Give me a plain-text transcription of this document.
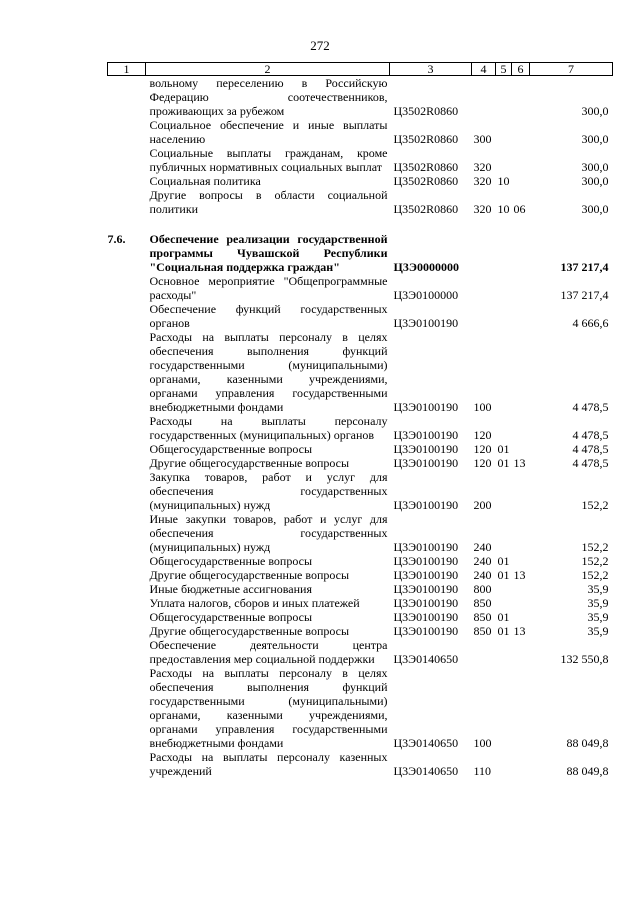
272
1	2	3	4	5	6	7
	вольному переселению в Российскую Федерацию соотечественников, проживающих за рубежом	Ц3502R0860				300,0
	Социальное обеспечение и иные выплаты населению	Ц3502R0860	300			300,0
	Социальные выплаты гражданам, кроме публичных нормативных социальных выплат	Ц3502R0860	320			300,0
	Социальная политика	Ц3502R0860	320	10		300,0
	Другие вопросы в области социальной политики	Ц3502R0860	320	10	06	300,0

7.6.	Обеспечение реализации государственной программы Чувашской Республики "Социальная поддержка граждан"	Ц3Э0000000				137 217,4
	Основное мероприятие "Общепрограммные расходы"	Ц3Э0100000				137 217,4
	Обеспечение функций государственных органов	Ц3Э0100190				4 666,6
	Расходы на выплаты персоналу в целях обеспечения выполнения функций государственными (муниципальными) органами, казенными учреждениями, органами управления государственными внебюджетными фондами	Ц3Э0100190	100			4 478,5
	Расходы на выплаты персоналу государственных (муниципальных) органов	Ц3Э0100190	120			4 478,5
	Общегосударственные вопросы	Ц3Э0100190	120	01		4 478,5
	Другие общегосударственные вопросы	Ц3Э0100190	120	01	13	4 478,5
	Закупка товаров, работ и услуг для обеспечения государственных (муниципальных) нужд	Ц3Э0100190	200			152,2
	Иные закупки товаров, работ и услуг для обеспечения государственных (муниципальных) нужд	Ц3Э0100190	240			152,2
	Общегосударственные вопросы	Ц3Э0100190	240	01		152,2
	Другие общегосударственные вопросы	Ц3Э0100190	240	01	13	152,2
	Иные бюджетные ассигнования	Ц3Э0100190	800			35,9
	Уплата налогов, сборов и иных платежей	Ц3Э0100190	850			35,9
	Общегосударственные вопросы	Ц3Э0100190	850	01		35,9
	Другие общегосударственные вопросы	Ц3Э0100190	850	01	13	35,9
	Обеспечение деятельности центра предоставления мер социальной поддержки	Ц3Э0140650				132 550,8
	Расходы на выплаты персоналу в целях обеспечения выполнения функций государственными (муниципальными) органами, казенными учреждениями, органами управления государственными внебюджетными фондами	Ц3Э0140650	100			88 049,8
	Расходы на выплаты персоналу казенных учреждений	Ц3Э0140650	110			88 049,8
